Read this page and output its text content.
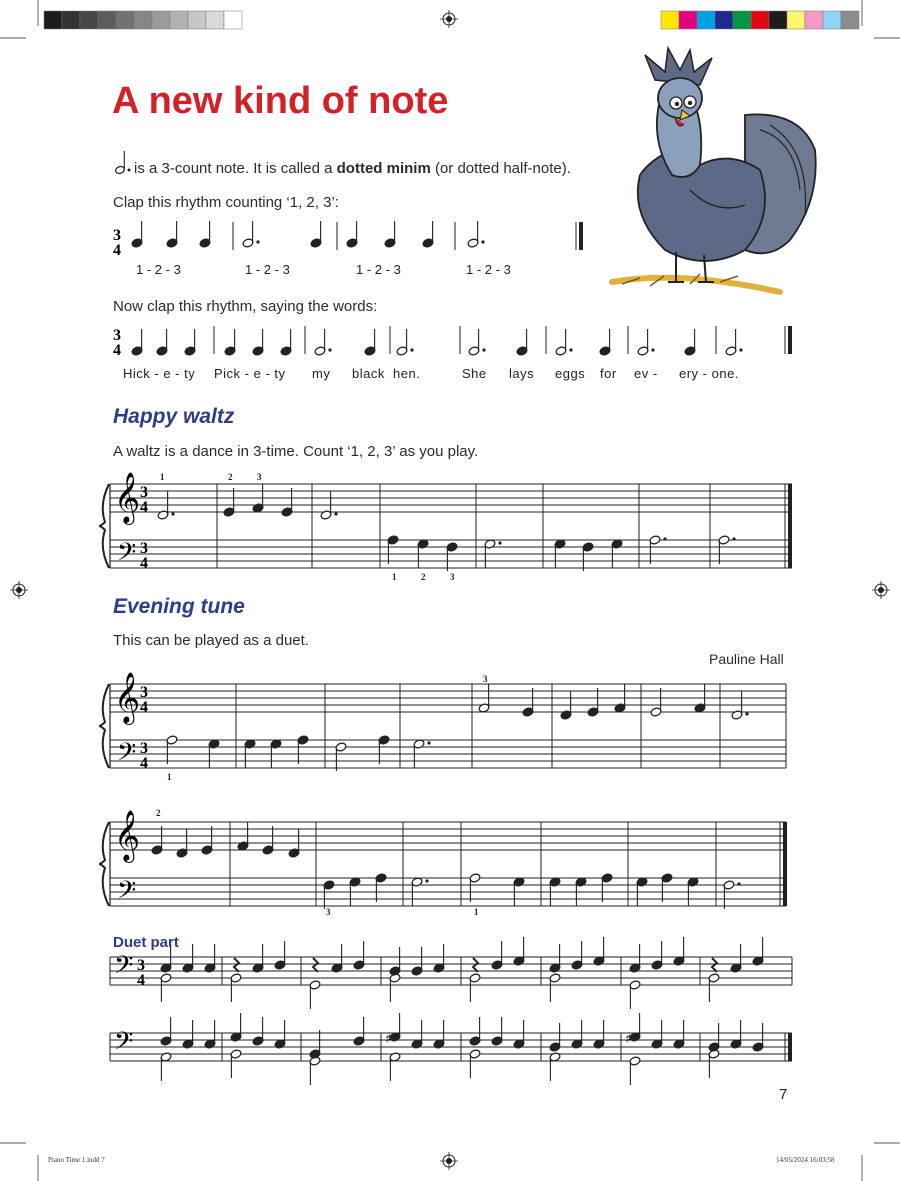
3
4
3
4
𝄞
𝄢
3
4
3
4
𝄞
𝄢
3
4
3
4
𝄞
𝄢
𝄢 3
4
𝄢	♯	♯
A new kind of note
is a 3-count note. It is called a dotted minim (or dotted half-note).
Clap this rhythm counting ‘1, 2, 3’:
1 - 2 - 3	1 - 2 - 3	1 - 2 - 3	1 - 2 - 3
Now clap this rhythm, saying the words:
Hick - e - ty Pick - e - ty my black hen.	She lays eggs for ev - ery - one.
Happy waltz
A waltz is a dance in 3-time. Count ‘1, 2, 3’ as you play.
1	2	3
1	2	3
Evening tune
This can be played as a duet.
Pauline Hall
3
1
2
3	1
Duet part
7
Piano Time 1.indd 7	14/05/2024 16:03:58
